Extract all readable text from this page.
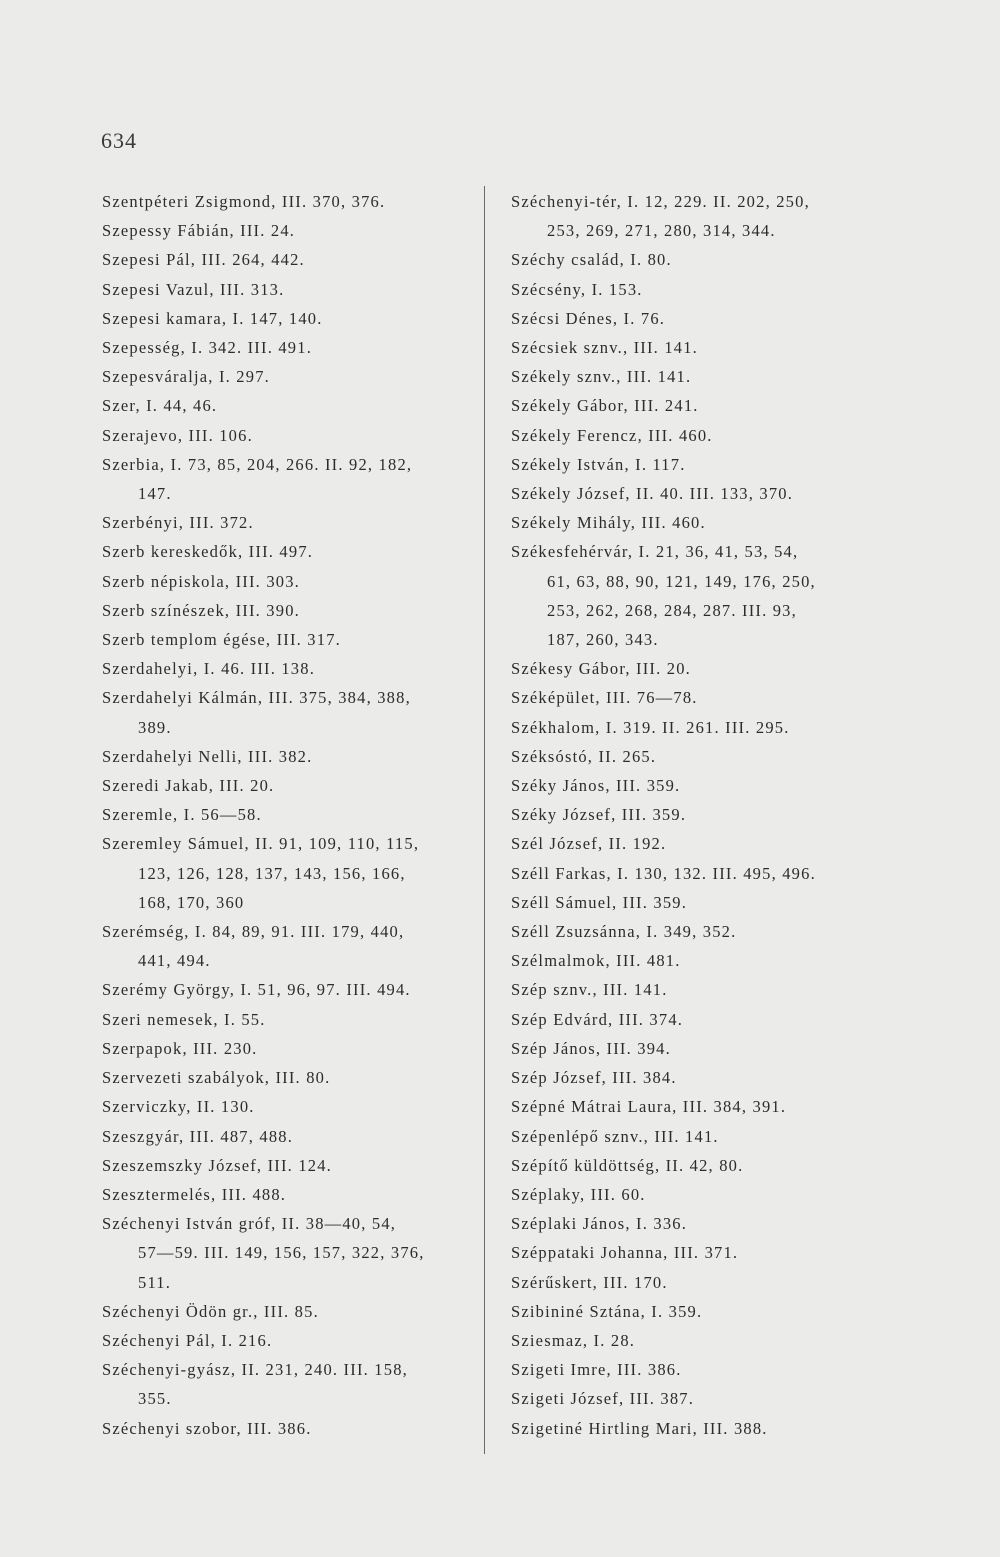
634
Szentpéteri Zsigmond, III. 370, 376.
Szepessy Fábián, III. 24.
Szepesi Pál, III. 264, 442.
Szepesi Vazul, III. 313.
Szepesi kamara, I. 147, 140.
Szepesség, I. 342. III. 491.
Szepesváralja, I. 297.
Szer, I. 44, 46.
Szerajevo, III. 106.
Szerbia, I. 73, 85, 204, 266. II. 92, 182,
147.
Szerbényi, III. 372.
Szerb kereskedők, III. 497.
Szerb népiskola, III. 303.
Szerb színészek, III. 390.
Szerb templom égése, III. 317.
Szerdahelyi, I. 46. III. 138.
Szerdahelyi Kálmán, III. 375, 384, 388,
389.
Szerdahelyi Nelli, III. 382.
Szeredi Jakab, III. 20.
Szeremle, I. 56—58.
Szeremley Sámuel, II. 91, 109, 110, 115,
123, 126, 128, 137, 143, 156, 166,
168, 170, 360
Szerémség, I. 84, 89, 91. III. 179, 440,
441, 494.
Szerémy György, I. 51, 96, 97. III. 494.
Szeri nemesek, I. 55.
Szerpapok, III. 230.
Szervezeti szabályok, III. 80.
Szerviczky, II. 130.
Szeszgyár, III. 487, 488.
Szeszemszky József, III. 124.
Szesztermelés, III. 488.
Széchenyi István gróf, II. 38—40, 54,
57—59. III. 149, 156, 157, 322, 376,
511.
Széchenyi Ödön gr., III. 85.
Széchenyi Pál, I. 216.
Széchenyi-gyász, II. 231, 240. III. 158,
355.
Széchenyi szobor, III. 386.
Széchenyi-tér, I. 12, 229. II. 202, 250,
253, 269, 271, 280, 314, 344.
Széchy család, I. 80.
Szécsény, I. 153.
Szécsi Dénes, I. 76.
Szécsiek sznv., III. 141.
Székely sznv., III. 141.
Székely Gábor, III. 241.
Székely Ferencz, III. 460.
Székely István, I. 117.
Székely József, II. 40. III. 133, 370.
Székely Mihály, III. 460.
Székesfehérvár, I. 21, 36, 41, 53, 54,
61, 63, 88, 90, 121, 149, 176, 250,
253, 262, 268, 284, 287. III. 93,
187, 260, 343.
Székesy Gábor, III. 20.
Széképület, III. 76—78.
Székhalom, I. 319. II. 261. III. 295.
Széksóstó, II. 265.
Széky János, III. 359.
Széky József, III. 359.
Szél József, II. 192.
Széll Farkas, I. 130, 132. III. 495, 496.
Széll Sámuel, III. 359.
Széll Zsuzsánna, I. 349, 352.
Szélmalmok, III. 481.
Szép sznv., III. 141.
Szép Edvárd, III. 374.
Szép János, III. 394.
Szép József, III. 384.
Szépné Mátrai Laura, III. 384, 391.
Szépenlépő sznv., III. 141.
Szépítő küldöttség, II. 42, 80.
Széplaky, III. 60.
Széplaki János, I. 336.
Széppataki Johanna, III. 371.
Szérűskert, III. 170.
Szibininé Sztána, I. 359.
Sziesmaz, I. 28.
Szigeti Imre, III. 386.
Szigeti József, III. 387.
Szigetiné Hirtling Mari, III. 388.
